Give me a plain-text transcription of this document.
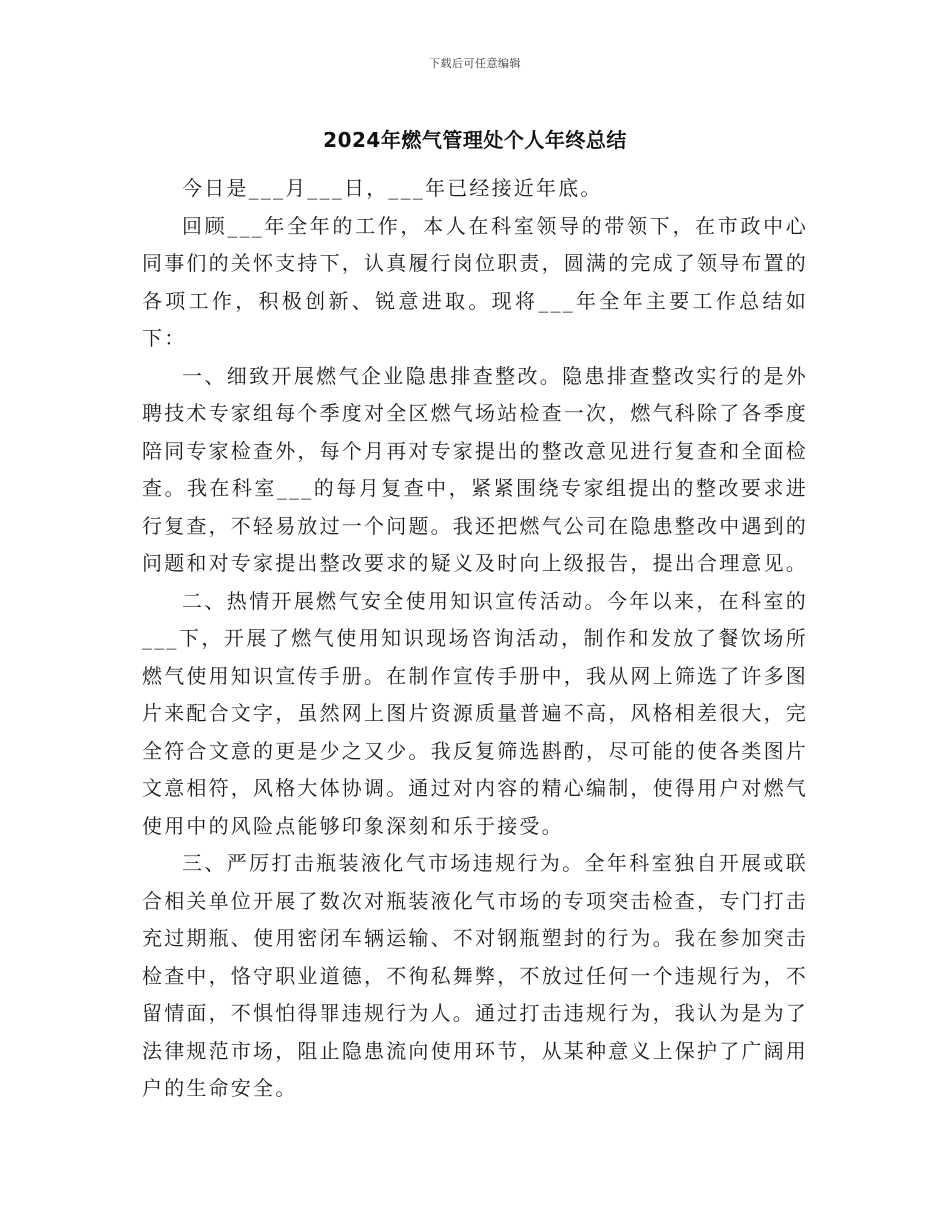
下载后可任意编辑
2024年燃气管理处个人年终总结

今日是___月___日，___年已经接近年底。

回顾___年全年的工作，本人在科室领导的带领下，在市政中心同事们的关怀支持下，认真履行岗位职责，圆满的完成了领导布置的各项工作，积极创新、锐意进取。现将___年全年主要工作总结如下：

一、细致开展燃气企业隐患排查整改。隐患排查整改实行的是外聘技术专家组每个季度对全区燃气场站检查一次，燃气科除了各季度陪同专家检查外，每个月再对专家提出的整改意见进行复查和全面检查。我在科室___的每月复查中，紧紧围绕专家组提出的整改要求进行复查，不轻易放过一个问题。我还把燃气公司在隐患整改中遇到的问题和对专家提出整改要求的疑义及时向上级报告，提出合理意见。

二、热情开展燃气安全使用知识宣传活动。今年以来，在科室的___下，开展了燃气使用知识现场咨询活动，制作和发放了餐饮场所燃气使用知识宣传手册。在制作宣传手册中，我从网上筛选了许多图片来配合文字，虽然网上图片资源质量普遍不高，风格相差很大，完全符合文意的更是少之又少。我反复筛选斟酌，尽可能的使各类图片文意相符，风格大体协调。通过对内容的精心编制，使得用户对燃气使用中的风险点能够印象深刻和乐于接受。

三、严厉打击瓶装液化气市场违规行为。全年科室独自开展或联合相关单位开展了数次对瓶装液化气市场的专项突击检查，专门打击充过期瓶、使用密闭车辆运输、不对钢瓶塑封的行为。我在参加突击检查中，恪守职业道德，不徇私舞弊，不放过任何一个违规行为，不留情面，不惧怕得罪违规行为人。通过打击违规行为，我认为是为了法律规范市场，阻止隐患流向使用环节，从某种意义上保护了广阔用户的生命安全。
